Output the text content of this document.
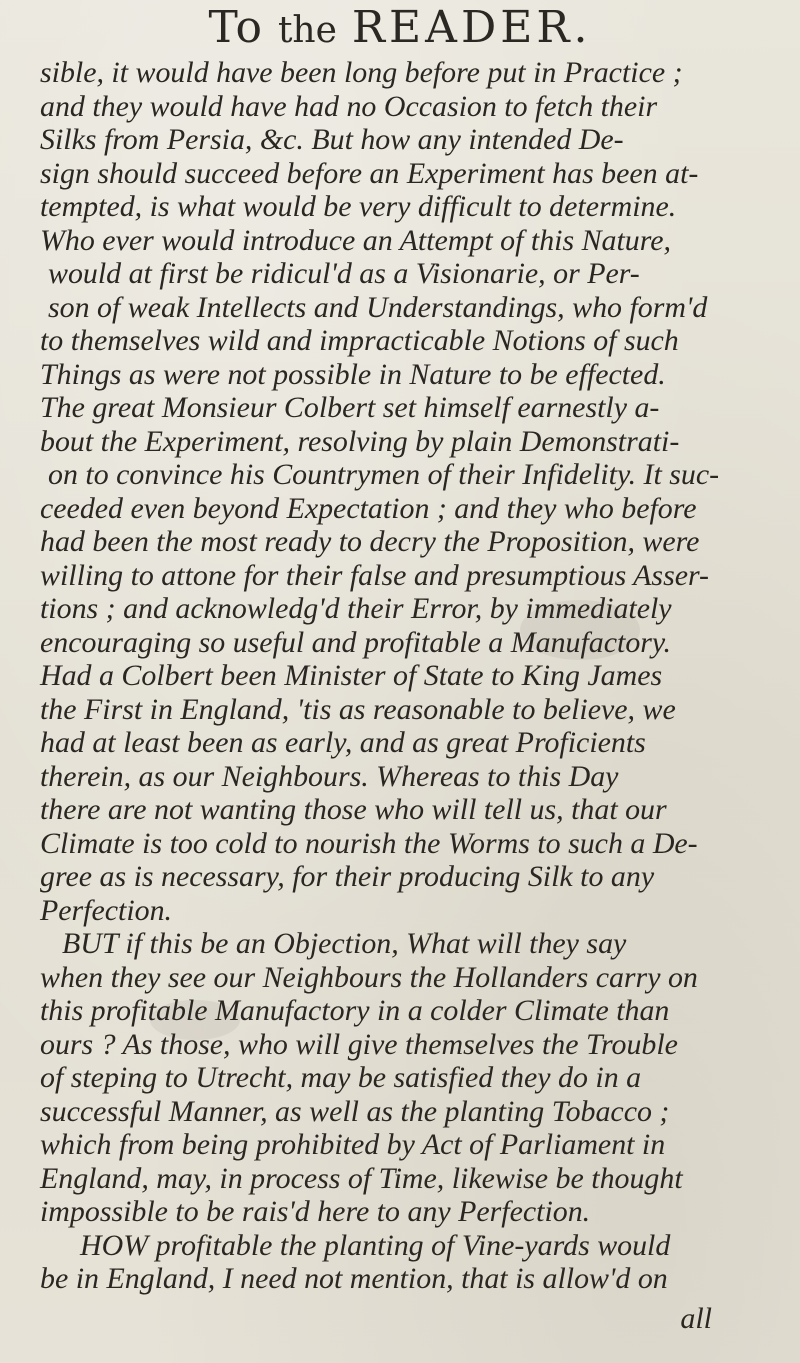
To the READER.
sible, it would have been long before put in Practice ;
and they would have had no Occasion to fetch their
Silks from Persia, &c. But how any intended De-
sign should succeed before an Experiment has been at-
tempted, is what would be very difficult to determine.
Who ever would introduce an Attempt of this Nature,
would at first be ridicul'd as a Visionarie, or Per-
son of weak Intellects and Understandings, who form'd
to themselves wild and impracticable Notions of such
Things as were not possible in Nature to be effected.
The great Monsieur Colbert set himself earnestly a-
bout the Experiment, resolving by plain Demonstrati-
on to convince his Countrymen of their Infidelity. It suc-
ceeded even beyond Expectation ; and they who before
had been the most ready to decry the Proposition, were
willing to attone for their false and presumptious Asser-
tions ; and acknowledg'd their Error, by immediately
encouraging so useful and profitable a Manufactory.
Had a Colbert been Minister of State to King James
the First in England, 'tis as reasonable to believe, we
had at least been as early, and as great Proficients
therein, as our Neighbours. Whereas to this Day
there are not wanting those who will tell us, that our
Climate is too cold to nourish the Worms to such a De-
gree as is necessary, for their producing Silk to any
Perfection.
BUT if this be an Objection, What will they say
when they see our Neighbours the Hollanders carry on
this profitable Manufactory in a colder Climate than
ours ? As those, who will give themselves the Trouble
of steping to Utrecht, may be satisfied they do in a
successful Manner, as well as the planting Tobacco ;
which from being prohibited by Act of Parliament in
England, may, in process of Time, likewise be thought
impossible to be rais'd here to any Perfection.
HOW profitable the planting of Vine-yards would
be in England, I need not mention, that is allow'd on
all
